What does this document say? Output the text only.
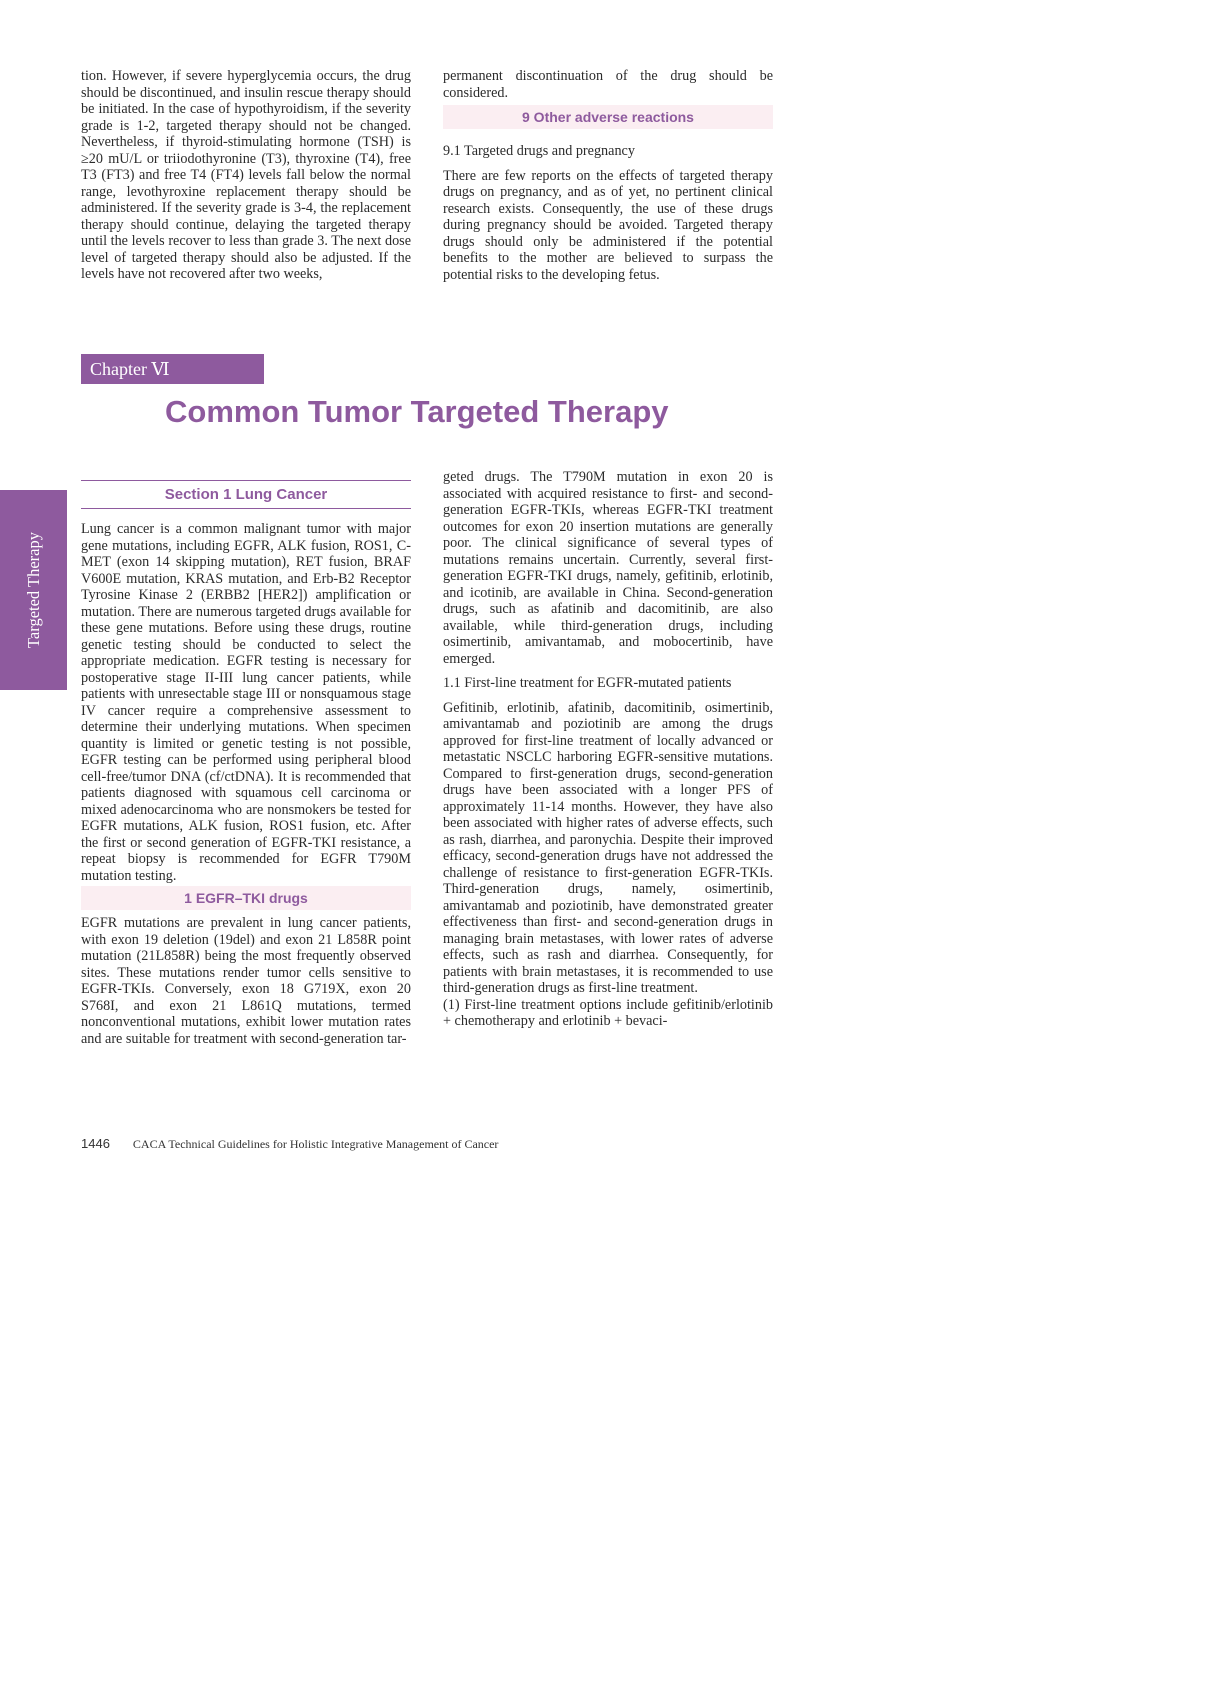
tion. However, if severe hyperglycemia occurs, the drug should be discontinued, and insulin rescue therapy should be initiated. In the case of hypothyroidism, if the severity grade is 1-2, targeted therapy should not be changed. Nevertheless, if thyroid-stimulating hormone (TSH) is ≥20 mU/L or triiodothyronine (T3), thyroxine (T4), free T3 (FT3) and free T4 (FT4) levels fall below the normal range, levothyroxine replacement therapy should be administered. If the severity grade is 3-4, the replacement therapy should continue, delaying the targeted therapy until the levels recover to less than grade 3. The next dose level of targeted therapy should also be adjusted. If the levels have not recovered after two weeks,

permanent discontinuation of the drug should be considered.

9 Other adverse reactions

9.1 Targeted drugs and pregnancy

There are few reports on the effects of targeted therapy drugs on pregnancy, and as of yet, no pertinent clinical research exists. Consequently, the use of these drugs during pregnancy should be avoided. Targeted therapy drugs should only be administered if the potential benefits to the mother are believed to surpass the potential risks to the developing fetus.

Targeted Therapy
Chapter Ⅵ
Common Tumor Targeted Therapy
Section 1 Lung Cancer

Lung cancer is a common malignant tumor with major gene mutations, including EGFR, ALK fusion, ROS1, C-MET (exon 14 skipping mutation), RET fusion, BRAF V600E mutation, KRAS mutation, and Erb-B2 Receptor Tyrosine Kinase 2 (ERBB2 [HER2]) amplification or mutation. There are numerous targeted drugs available for these gene mutations. Before using these drugs, routine genetic testing should be conducted to select the appropriate medication. EGFR testing is necessary for postoperative stage II-III lung cancer patients, while patients with unresectable stage III or nonsquamous stage IV cancer require a comprehensive assessment to determine their underlying mutations. When specimen quantity is limited or genetic testing is not possible, EGFR testing can be performed using peripheral blood cell-free/tumor DNA (cf/ctDNA). It is recommended that patients diagnosed with squamous cell carcinoma or mixed adenocarcinoma who are nonsmokers be tested for EGFR mutations, ALK fusion, ROS1 fusion, etc. After the first or second generation of EGFR-TKI resistance, a repeat biopsy is recommended for EGFR T790M mutation testing.

1 EGFR–TKI drugs

EGFR mutations are prevalent in lung cancer patients, with exon 19 deletion (19del) and exon 21 L858R point mutation (21L858R) being the most frequently observed sites. These mutations render tumor cells sensitive to EGFR-TKIs. Conversely, exon 18 G719X, exon 20 S768I, and exon 21 L861Q mutations, termed nonconventional mutations, exhibit lower mutation rates and are suitable for treatment with second-generation tar-

geted drugs. The T790M mutation in exon 20 is associated with acquired resistance to first- and second-generation EGFR-TKIs, whereas EGFR-TKI treatment outcomes for exon 20 insertion mutations are generally poor. The clinical significance of several types of mutations remains uncertain. Currently, several first-generation EGFR-TKI drugs, namely, gefitinib, erlotinib, and icotinib, are available in China. Second-generation drugs, such as afatinib and dacomitinib, are also available, while third-generation drugs, including osimertinib, amivantamab, and mobocertinib, have emerged.

1.1 First-line treatment for EGFR-mutated patients

Gefitinib, erlotinib, afatinib, dacomitinib, osimertinib, amivantamab and poziotinib are among the drugs approved for first-line treatment of locally advanced or metastatic NSCLC harboring EGFR-sensitive mutations. Compared to first-generation drugs, second-generation drugs have been associated with a longer PFS of approximately 11-14 months. However, they have also been associated with higher rates of adverse effects, such as rash, diarrhea, and paronychia. Despite their improved efficacy, second-generation drugs have not addressed the challenge of resistance to first-generation EGFR-TKIs. Third-generation drugs, namely, osimertinib, amivantamab and poziotinib, have demonstrated greater effectiveness than first- and second-generation drugs in managing brain metastases, with lower rates of adverse effects, such as rash and diarrhea. Consequently, for patients with brain metastases, it is recommended to use third-generation drugs as first-line treatment.

(1) First-line treatment options include gefitinib/erlotinib + chemotherapy and erlotinib + bevaci-

1446 CACA Technical Guidelines for Holistic Integrative Management of Cancer
